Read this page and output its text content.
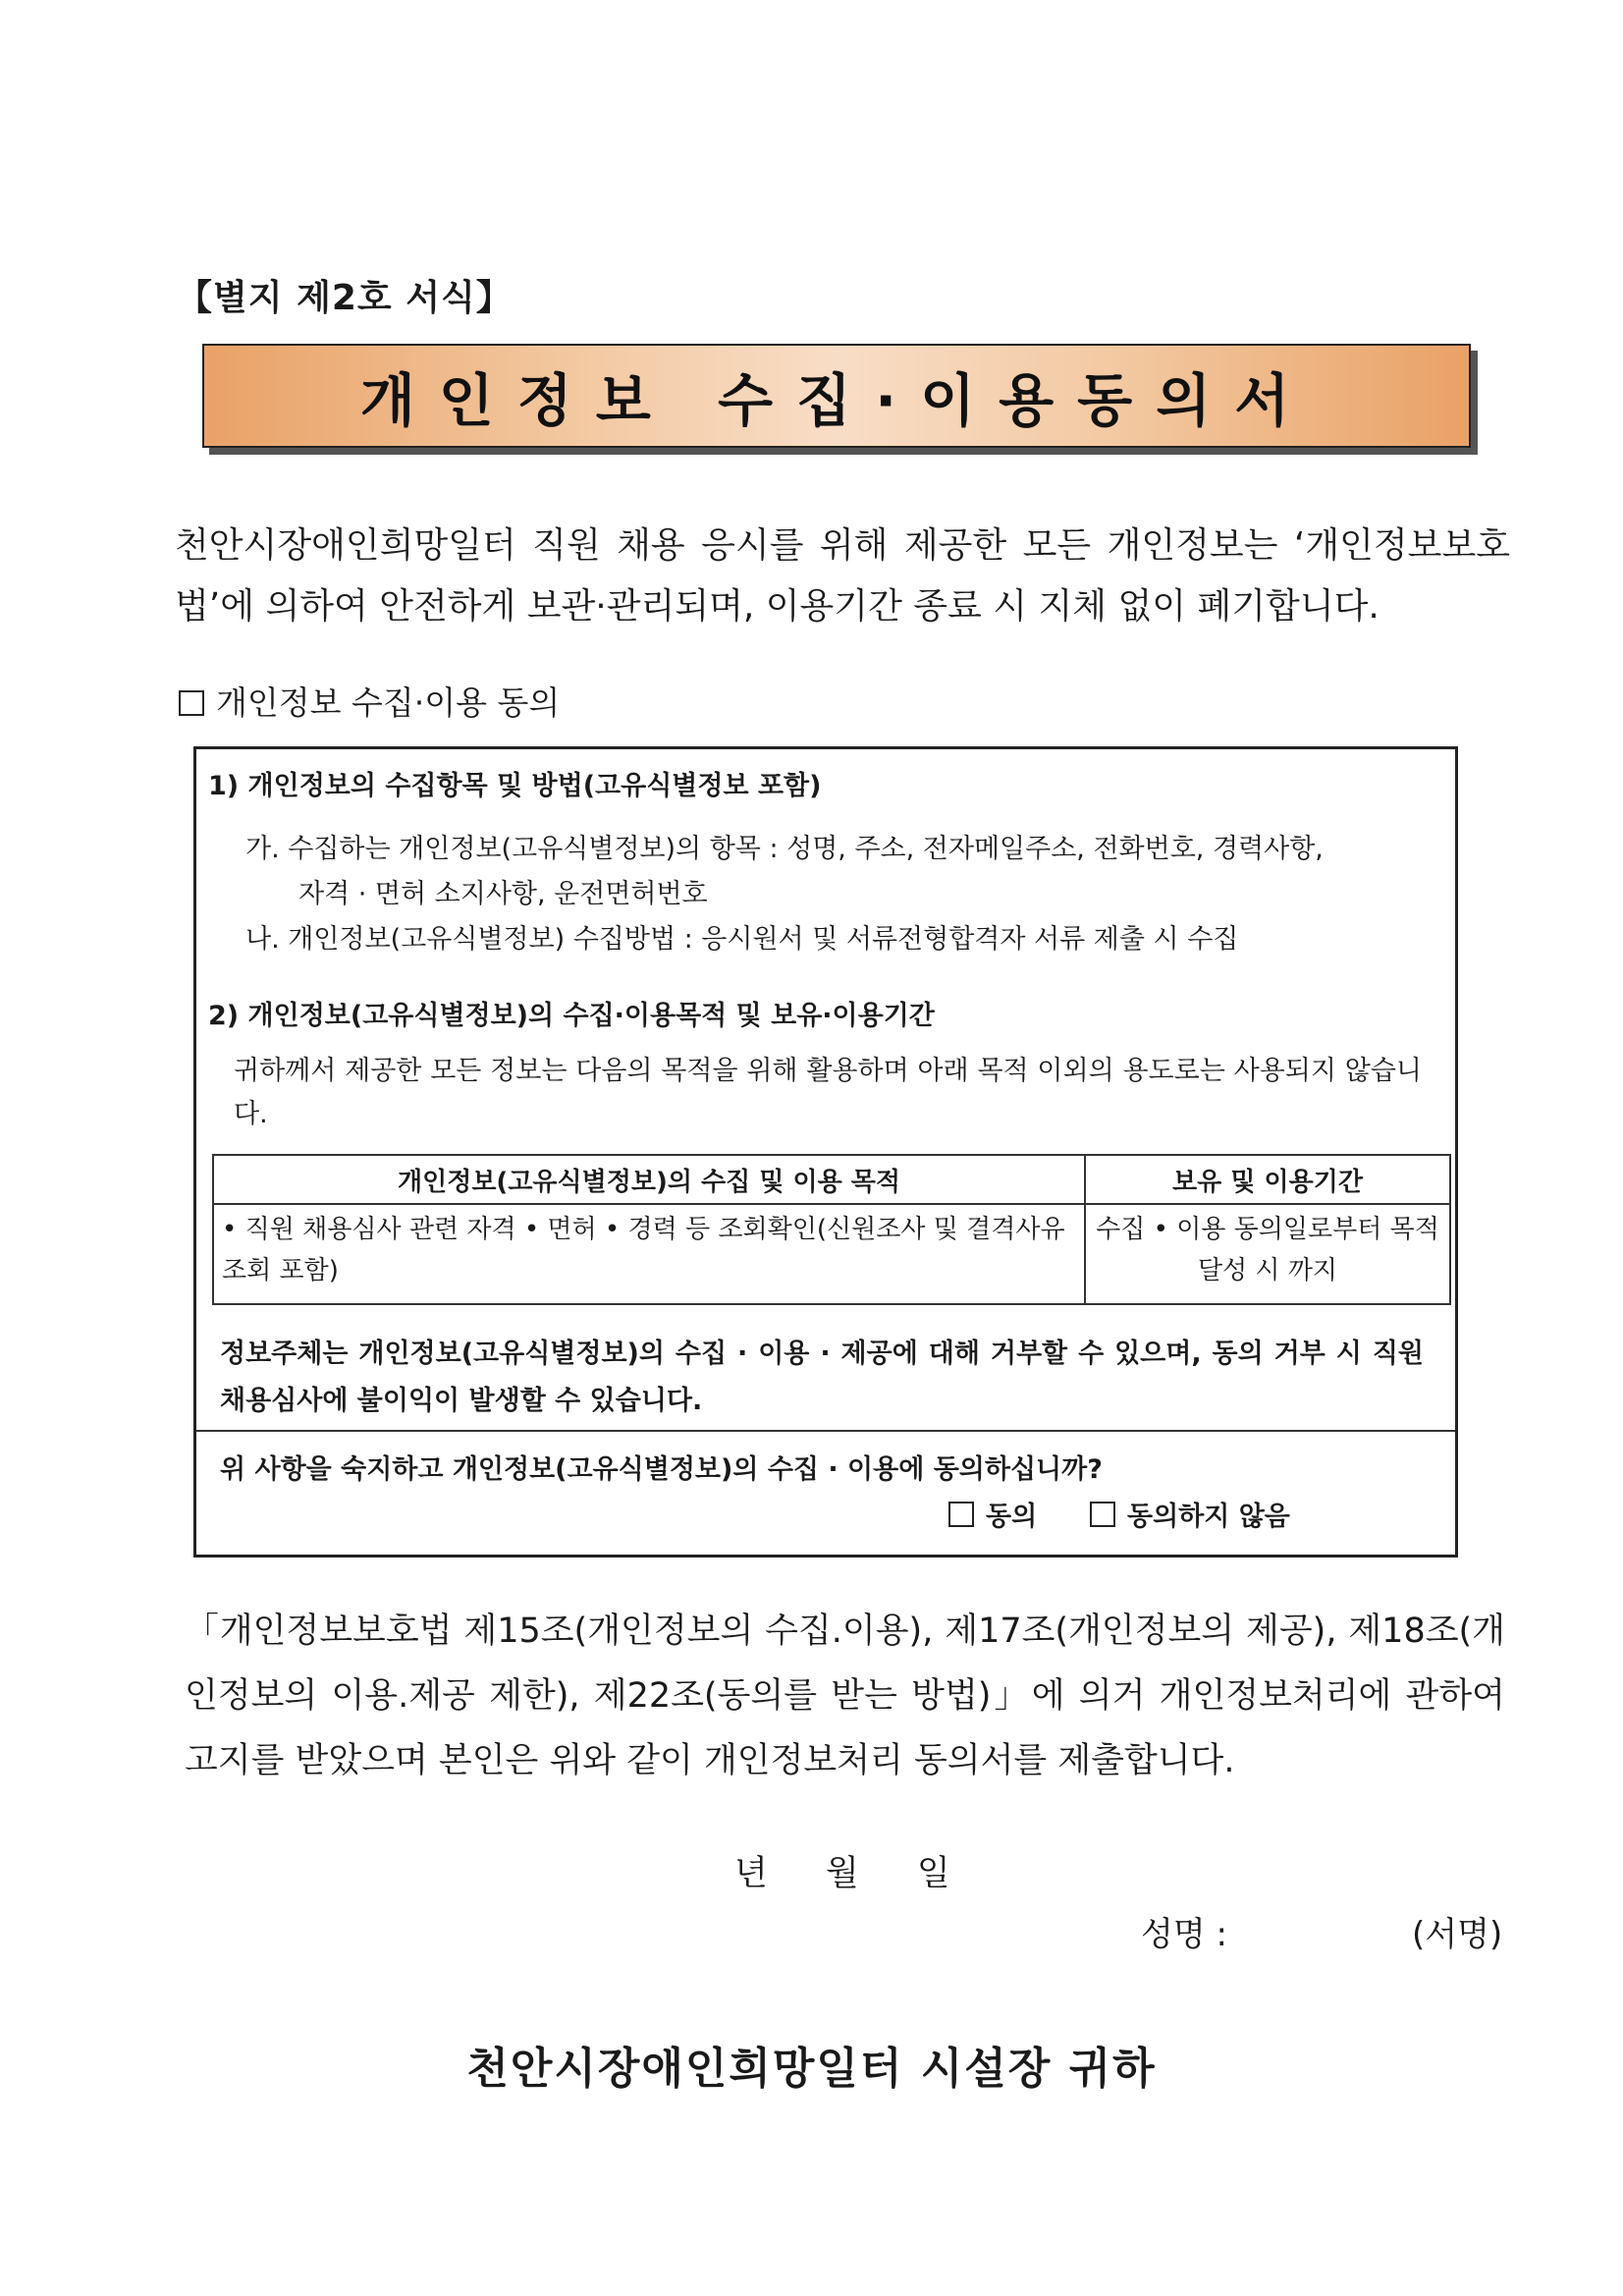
【별지 제2호 서식】
개인정보 수집·이용동의서
천안시장애인희망일터 직원 채용 응시를 위해 제공한 모든 개인정보는 ‘개인정보보호법’에 의하여 안전하게 보관·관리되며, 이용기간 종료 시 지체 없이 폐기합니다.
개인정보 수집·이용 동의
1) 개인정보의 수집항목 및 방법(고유식별정보 포함)
가. 수집하는 개인정보(고유식별정보)의 항목 : 성명, 주소, 전자메일주소, 전화번호, 경력사항,
자격 · 면허 소지사항, 운전면허번호
나. 개인정보(고유식별정보) 수집방법 : 응시원서 및 서류전형합격자 서류 제출 시 수집
2) 개인정보(고유식별정보)의 수집·이용목적 및 보유·이용기간
귀하께서 제공한 모든 정보는 다음의 목적을 위해 활용하며 아래 목적 이외의 용도로는 사용되지 않습니다.
개인정보(고유식별정보)의 수집 및 이용 목적	보유 및 이용기간
• 직원 채용심사 관련 자격 • 면허 • 경력 등 조회확인(신원조사 및 결격사유 조회 포함)	수집 • 이용 동의일로부터 목적달성 시 까지
정보주체는 개인정보(고유식별정보)의 수집 · 이용 · 제공에 대해 거부할 수 있으며, 동의 거부 시 직원 채용심사에 불이익이 발생할 수 있습니다.
위 사항을 숙지하고 개인정보(고유식별정보)의 수집 · 이용에 동의하십니까?
동의	동의하지 않음
「개인정보보호법 제15조(개인정보의 수집.이용), 제17조(개인정보의 제공), 제18조(개인정보의 이용.제공 제한), 제22조(동의를 받는 방법)」에 의거 개인정보처리에 관하여 고지를 받았으며 본인은 위와 같이 개인정보처리 동의서를 제출합니다.
년 월 일
성명 :	(서명)
천안시장애인희망일터 시설장 귀하
